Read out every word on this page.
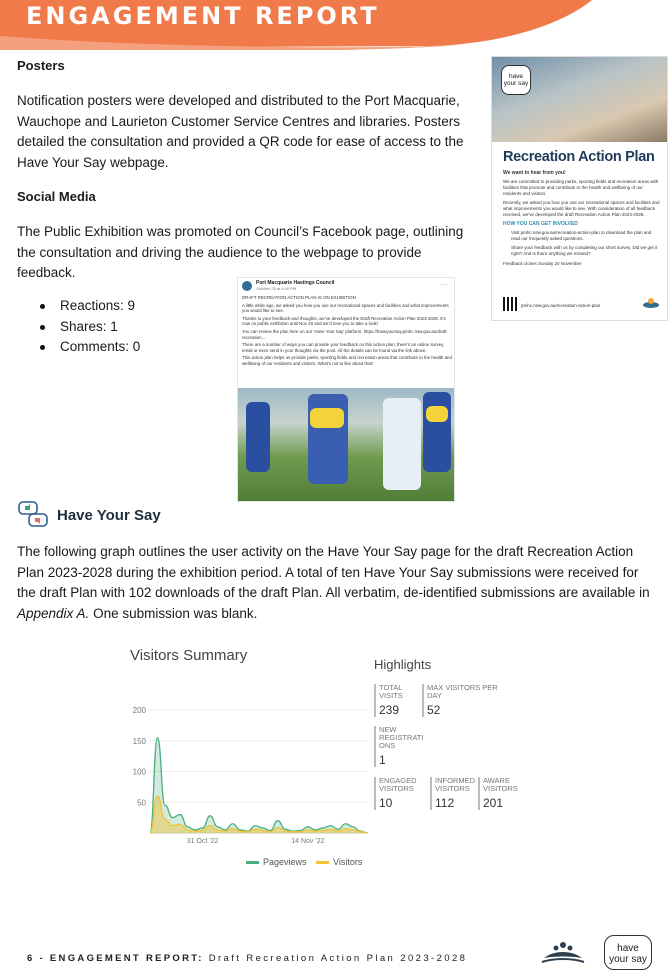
ENGAGEMENT REPORT
Posters
Notification posters were developed and distributed to the Port Macquarie, Wauchope and Laurieton Customer Service Centres and libraries. Posters detailed the consultation and provided a QR code for ease of access to the Have Your Say webpage.
Social Media
The Public Exhibition was promoted on Council’s Facebook page, outlining the consultation and driving the audience to the webpage to provide feedback.
Reactions: 9
Shares: 1
Comments: 0
have
your say
Recreation Action Plan
We want to hear from you!
We are committed to providing parks, sporting fields and recreation areas with facilities that promote and contribute to the health and wellbeing of our residents and visitors.
Recently, we asked you how you use our recreational spaces and facilities and what improvements you would like to see. With consideration of all feedback received, we’ve developed the draft Recreation Action Plan 2023-2028.
HOW YOU CAN GET INVOLVED
Visit pmhc.nsw.gov.au/recreation-action-plan to download the plan and read our frequently asked questions.
Share your feedback with us by completing our short survey. Did we get it right? And is there anything we missed?
Feedback closes Sunday 20 November
pmhc.nsw.gov.au/recreation-action-plan
Port Macquarie Hastings Council
October 25 at 4:00 PM	···

DRAFT RECREATION ACTION PLAN IS ON EXHIBITION

A little while ago, we asked you how you use our recreational spaces and facilities and what improvements you would like to see.

Thanks to your feedback and thoughts, we’ve developed the Draft Recreation Action Plan 2023-2028. It’s now on public exhibition until Nov 20 and we’d love you to take a look!

You can review the plan here on our ‘Have Your Say’ platform: https://haveyoursay.pmhc.nsw.gov.au/draft-recreation...

There are a number of ways you can provide your feedback on this action plan; there’s an online survey, email or even send in your thoughts via the post. All the details can be found via the link above.

This action plan helps us provide parks, sporting fields and recreation areas that contribute to the health and wellbeing of our residents and visitors. What’s not to like about that!

Have Your Say
The following graph outlines the user activity on the Have Your Say page for the draft Recreation Action Plan 2023-2028 during the exhibition period. A total of ten Have Your Say submissions were received for the draft Plan with 102 downloads of the draft Plan. All verbatim, de-identified submissions are available in Appendix A. One submission was blank.
Visitors Summary
200
150
100
50
31 Oct '22	14 Nov '22
Pageviews	Visitors
Highlights
TOTAL VISITS
239
MAX VISITORS PER DAY
52
NEW REGISTRATI ONS
1
ENGAGED VISITORS
10
INFORMED VISITORS
112
AWARE VISITORS
201
6 - ENGAGEMENT REPORT: Draft Recreation Action Plan 2023-2028
have
your say
